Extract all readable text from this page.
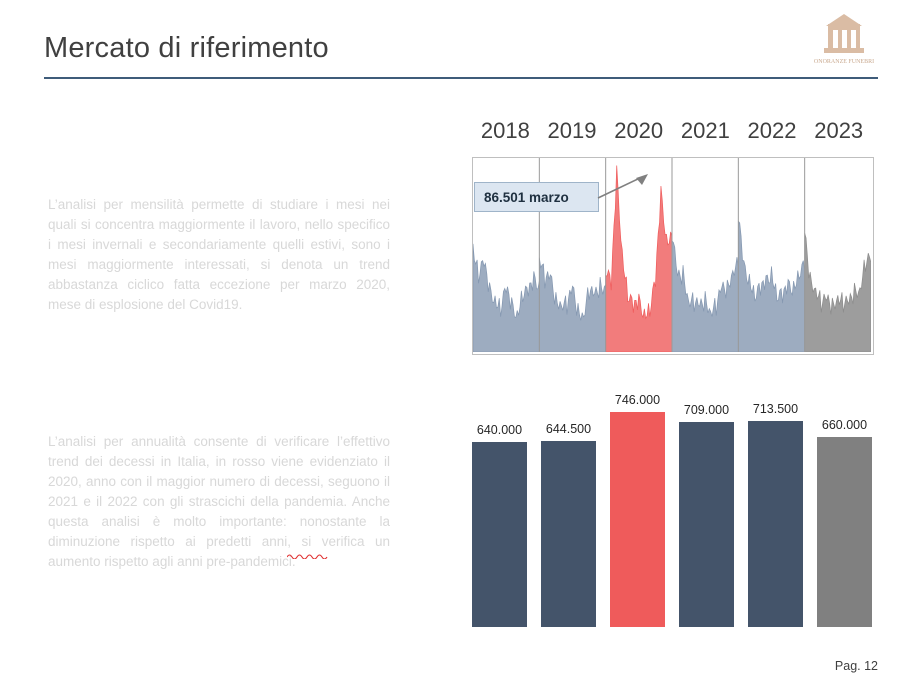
Mercato di riferimento	ONORANZE FUNEBRI
L’analisi per mensilità permette di studiare i mesi nei quali si concentra maggiormente il lavoro, nello specifico i mesi invernali e secondariamente quelli estivi, sono i mesi maggiormente interessati, si denota un trend abbastanza ciclico fatta eccezione per marzo 2020, mese di esplosione del Covid19.
L’analisi per annualità consente di verificare l’effettivo trend dei decessi in Italia, in rosso viene evidenziato il 2020, anno con il maggior numero di decessi, seguono il 2021 e il 2022 con gli strascichi della pandemia. Anche questa analisi è molto importante: nonostante la diminuzione rispetto ai predetti anni, si verifica un aumento rispetto agli anni pre-pandemici.
2018 2019 2020 2021 2022 2023
86.501 marzo
640.000	644.500
746.000
709.000	713.500
660.000
Pag. 12
